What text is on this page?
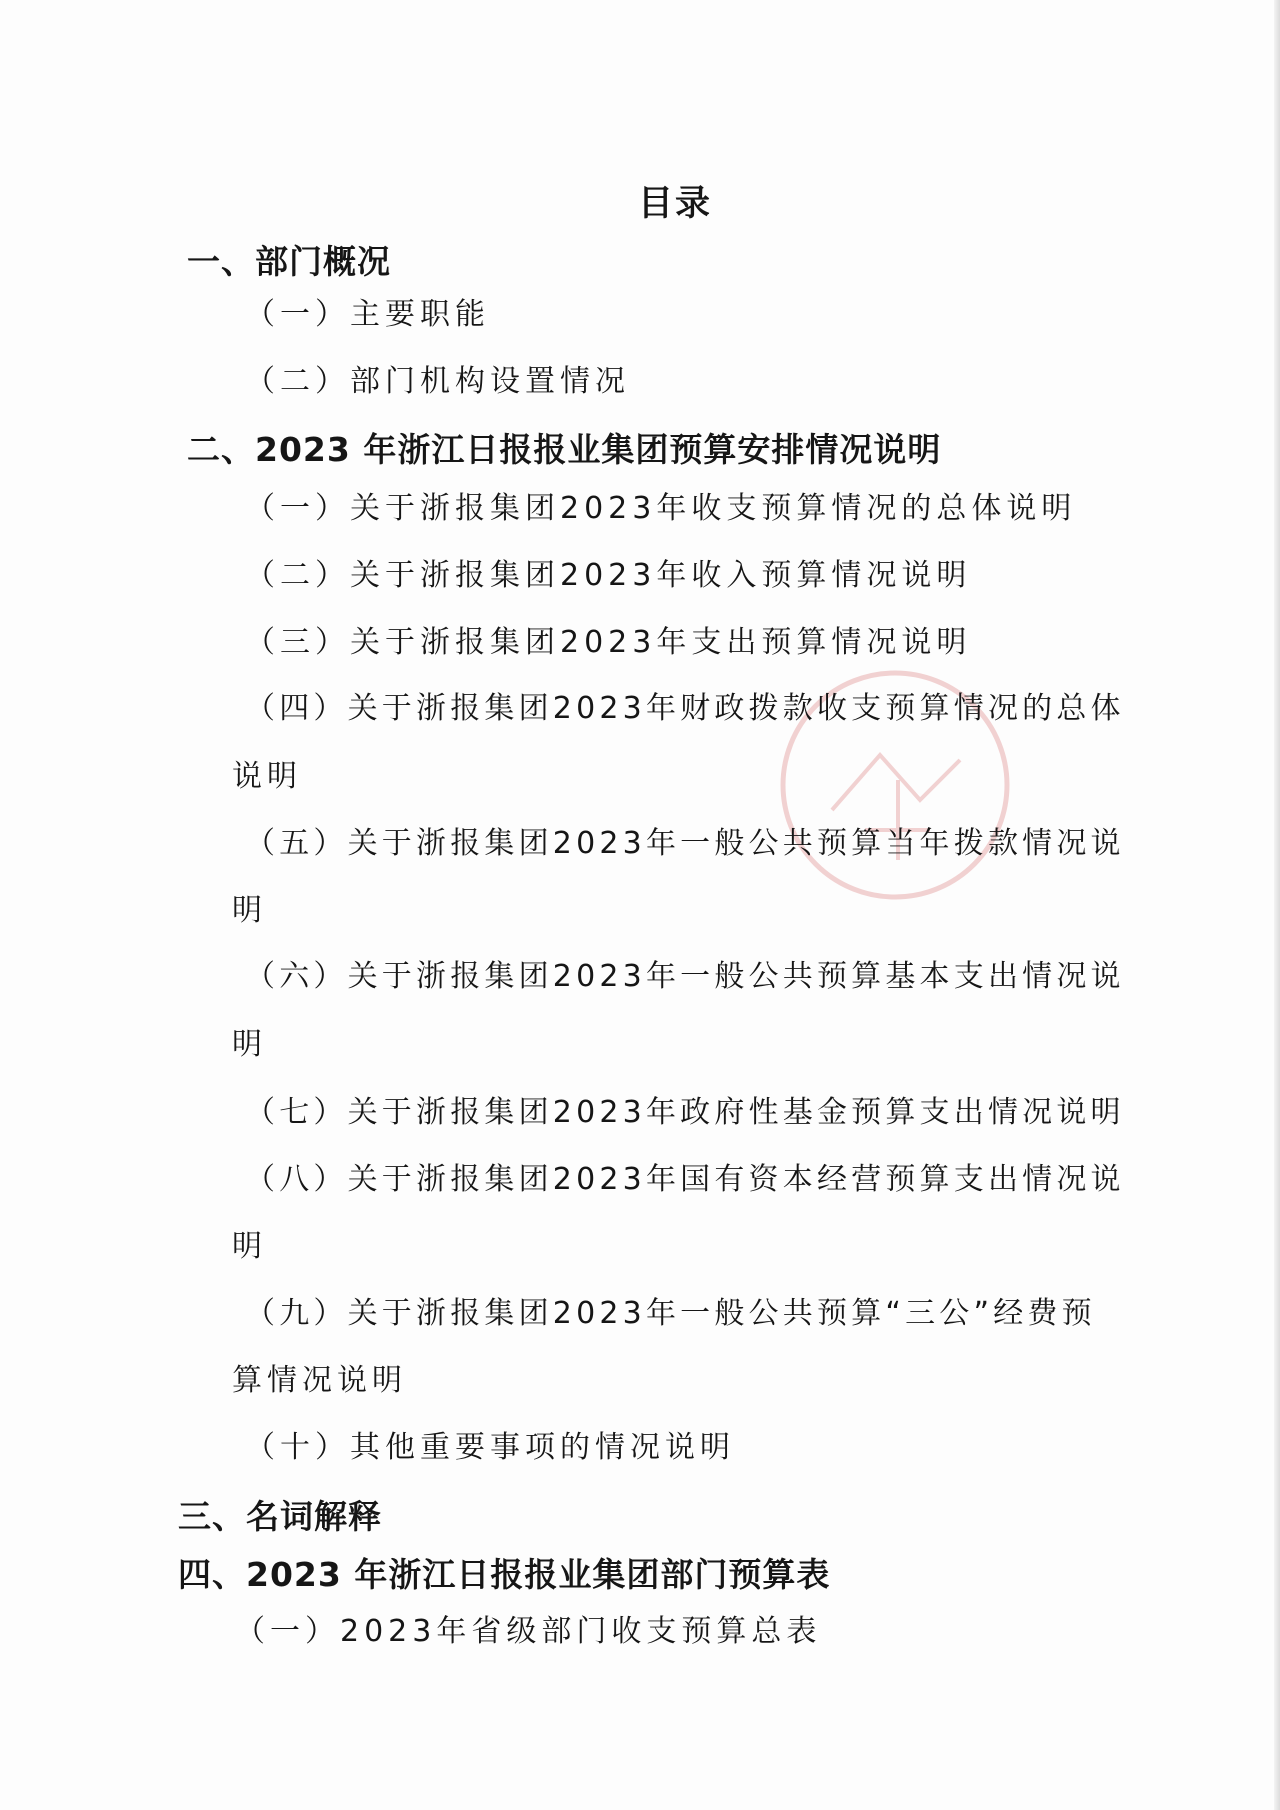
目录
一、部门概况
（一）主要职能
（二）部门机构设置情况
二、2023 年浙江日报报业集团预算安排情况说明
（一）关于浙报集团2023年收支预算情况的总体说明
（二）关于浙报集团2023年收入预算情况说明
（三）关于浙报集团2023年支出预算情况说明
（四）关于浙报集团2023年财政拨款收支预算情况的总体
说明
（五）关于浙报集团2023年一般公共预算当年拨款情况说
明
（六）关于浙报集团2023年一般公共预算基本支出情况说
明
（七）关于浙报集团2023年政府性基金预算支出情况说明
（八）关于浙报集团2023年国有资本经营预算支出情况说
明
（九）关于浙报集团2023年一般公共预算“三公”经费预
算情况说明
（十）其他重要事项的情况说明
三、名词解释
四、2023 年浙江日报报业集团部门预算表
（一）2023年省级部门收支预算总表
